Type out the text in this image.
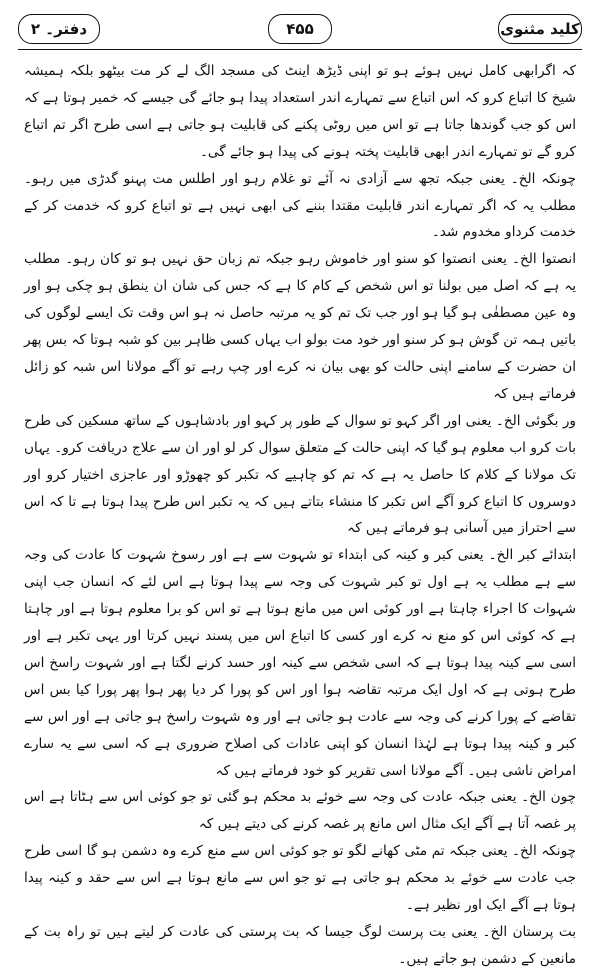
کلید مثنوی
۴۵۵
دفتر۔ ۲

کہ اگرابھی کامل نہیں ہوئے ہو تو اپنی ڈیڑھ اینٹ کی مسجد الگ لے کر مت بیٹھو بلکہ ہمیشہ شیخ کا اتباع کرو کہ اس اتباع سے تمہارے اندر استعداد پیدا ہو جائے گی جیسے کہ خمیر ہوتا ہے کہ اس کو جب گوندھا جاتا ہے تو اس میں روٹی پکنے کی قابلیت ہو جاتی ہے اسی طرح اگر تم اتباع کرو گے تو تمہارے اندر ابھی قابلیت پختہ ہونے کی پیدا ہو جائے گی۔

چونکہ الخ۔ یعنی جبکہ تجھ سے آزادی نہ آئے تو غلام رہو اور اطلس مت پہنو گدڑی میں رہو۔ مطلب یہ کہ اگر تمہارے اندر قابلیت مقتدا بننے کی ابھی نہیں ہے تو اتباع کرو کہ خدمت کر کے خدمت کرداو مخدوم شد۔

انصتوا الخ۔ یعنی انصتوا کو سنو اور خاموش رہو جبکہ تم زبان حق نہیں ہو تو کان رہو۔ مطلب یہ ہے کہ اصل میں بولنا تو اس شخص کے کام کا ہے کہ جس کی شان ان ینطق ہو چکی ہو اور وہ عین مصطفٰی ہو گیا ہو اور جب تک تم کو یہ مرتبہ حاصل نہ ہو اس وقت تک ایسے لوگوں کی باتیں ہمہ تن گوش ہو کر سنو اور خود مت بولو اب یہاں کسی ظاہر بین کو شبہ ہوتا کہ بس پھر ان حضرت کے سامنے اپنی حالت کو بھی بیان نہ کرے اور چپ رہے تو آگے مولانا اس شبہ کو زائل فرماتے ہیں کہ

ور بگوئی الخ۔ یعنی اور اگر کہو تو سوال کے طور پر کہو اور بادشاہوں کے ساتھ مسکین کی طرح بات کرو اب معلوم ہو گیا کہ اپنی حالت کے متعلق سوال کر لو اور ان سے علاج دریافت کرو۔ یہاں تک مولانا کے کلام کا حاصل یہ ہے کہ تم کو چاہیے کہ تکبر کو چھوڑو اور عاجزی اختیار کرو اور دوسروں کا اتباع کرو آگے اس تکبر کا منشاء بتاتے ہیں کہ یہ تکبر اس طرح پیدا ہوتا ہے تا کہ اس سے احتراز میں آسانی ہو فرماتے ہیں کہ

ابتدائے کبر الخ۔ یعنی کبر و کینہ کی ابتداء تو شہوت سے ہے اور رسوخ شہوت کا عادت کی وجہ سے ہے مطلب یہ ہے اول تو کبر شہوت کی وجہ سے پیدا ہوتا ہے اس لئے کہ انسان جب اپنی شہوات کا اجراء چاہتا ہے اور کوئی اس میں مانع ہوتا ہے تو اس کو برا معلوم ہوتا ہے اور چاہتا ہے کہ کوئی اس کو منع نہ کرے اور کسی کا اتباع اس میں پسند نہیں کرتا اور یہی تکبر ہے اور اسی سے کینہ پیدا ہوتا ہے کہ اسی شخص سے کینہ اور حسد کرنے لگتا ہے اور شہوت راسخ اس طرح ہوتی ہے کہ اول ایک مرتبہ تقاضہ ہوا اور اس کو پورا کر دیا پھر ہوا پھر پورا کیا بس اس تقاضے کے پورا کرنے کی وجہ سے عادت ہو جاتی ہے اور وہ شہوت راسخ ہو جاتی ہے اور اس سے کبر و کینہ پیدا ہوتا ہے لہٰذا انسان کو اپنی عادات کی اصلاح ضروری ہے کہ اسی سے یہ سارے امراض ناشی ہیں۔ آگے مولانا اسی تقریر کو خود فرماتے ہیں کہ

چون الخ۔ یعنی جبکہ عادت کی وجہ سے خوئے بد محکم ہو گئی تو جو کوئی اس سے ہٹاتا ہے اس پر غصہ آتا ہے آگے ایک مثال اس مانع پر غصہ کرنے کی دیتے ہیں کہ

چونکہ الخ۔ یعنی جبکہ تم مٹی کھانے لگو تو جو کوئی اس سے منع کرے وہ دشمن ہو گا اسی طرح جب عادت سے خوئے بد محکم ہو جاتی ہے تو جو اس سے مانع ہوتا ہے اس سے حقد و کینہ پیدا ہوتا ہے آگے ایک اور نظیر ہے۔

بت پرستان الخ۔ یعنی بت پرست لوگ جیسا کہ بت پرستی کی عادت کر لیتے ہیں تو راہ بت کے مانعین کے دشمن ہو جاتے ہیں۔
